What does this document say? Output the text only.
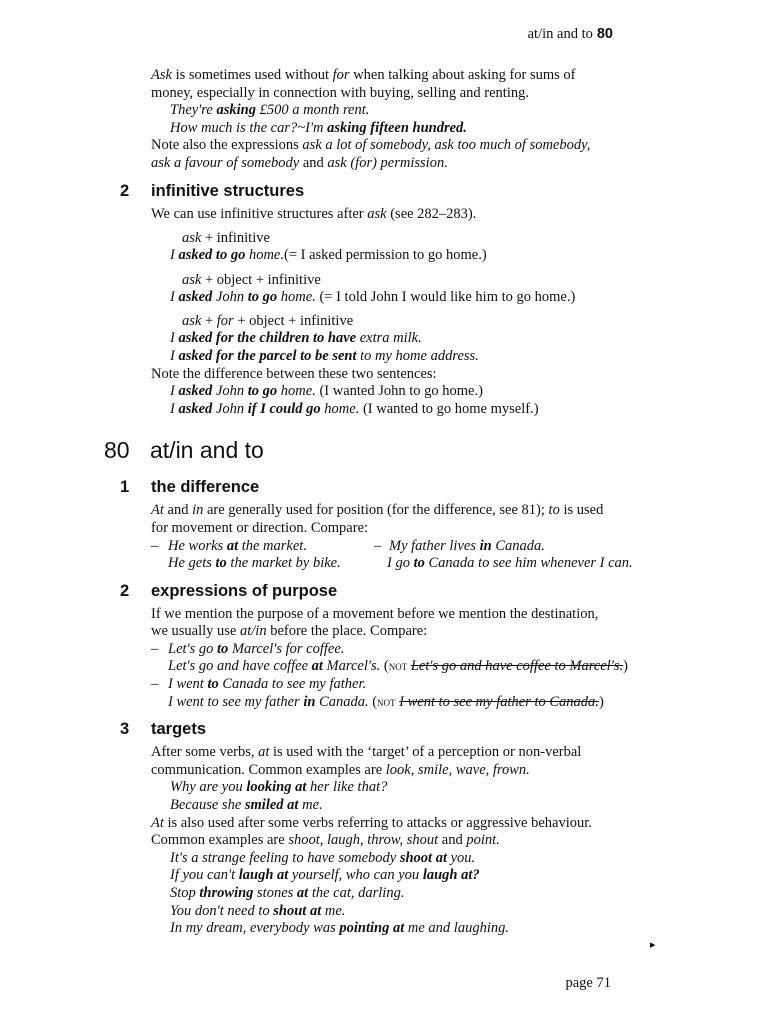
at/in and to 80
Ask is sometimes used without for when talking about asking for sums of
money, especially in connection with buying, selling and renting.
They're asking £500 a month rent.
How much is the car?~I'm asking fifteen hundred.
Note also the expressions ask a lot of somebody, ask too much of somebody,
ask a favour of somebody and ask (for) permission.
2 infinitive structures
We can use infinitive structures after ask (see 282–283).
ask + infinitive
I asked to go home.(= I asked permission to go home.)
ask + object + infinitive
I asked John to go home. (= I told John I would like him to go home.)
ask + for + object + infinitive
I asked for the children to have extra milk.
I asked for the parcel to be sent to my home address.
Note the difference between these two sentences:
I asked John to go home. (I wanted John to go home.)
I asked John if I could go home. (I wanted to go home myself.)
80 at/in and to
1 the difference
At and in are generally used for position (for the difference, see 81); to is used
for movement or direction. Compare:
– He works at the market.	– My father lives in Canada.
He gets to the market by bike.	I go to Canada to see him whenever I can.
2 expressions of purpose
If we mention the purpose of a movement before we mention the destination,
we usually use at/in before the place. Compare:
– Let's go to Marcel's for coffee.
Let's go and have coffee at Marcel's. (not Let's go and have coffee to Marcel's.)
– I went to Canada to see my father.
I went to see my father in Canada. (not I went to see my father to Canada.)
3 targets
After some verbs, at is used with the ‘target’ of a perception or non-verbal
communication. Common examples are look, smile, wave, frown.
Why are you looking at her like that?
Because she smiled at me.
At is also used after some verbs referring to attacks or aggressive behaviour.
Common examples are shoot, laugh, throw, shout and point.
It's a strange feeling to have somebody shoot at you.
If you can't laugh at yourself, who can you laugh at?
Stop throwing stones at the cat, darling.
You don't need to shout at me.
In my dream, everybody was pointing at me and laughing.
▸
page 71
